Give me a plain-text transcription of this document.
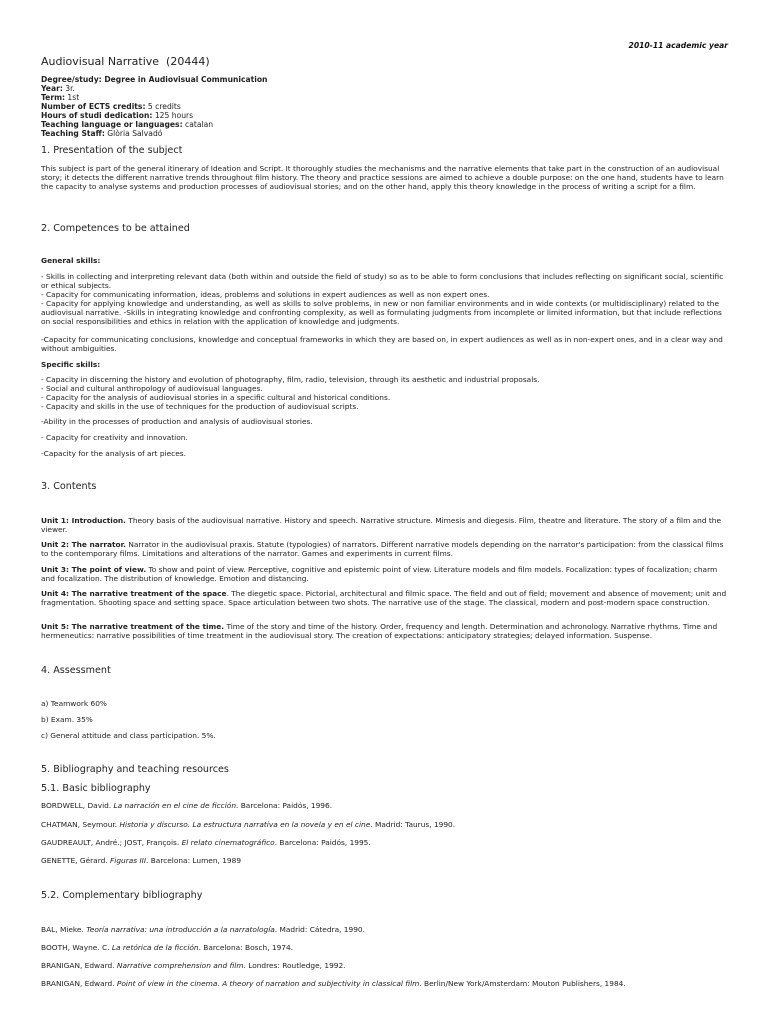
2010-11 academic year
Audiovisual Narrative  (20444)
Degree/study: Degree in Audiovisual Communication
Year: 3r.
Term: 1st
Number of ECTS credits: 5 credits
Hours of studi dedication: 125 hours
Teaching language or languages: catalan
Teaching Staff: Glòria Salvadó
1. Presentation of the subject

This subject is part of the general itinerary of Ideation and Script. It thoroughly studies the mechanisms and the narrative elements that take part in the construction of an audiovisual story; it detects the different narrative trends throughout film history. The theory and practice sessions are aimed to achieve a double purpose: on the one hand, students have to learn the capacity to analyse systems and production processes of audiovisual stories; and on the other hand, apply this theory knowledge in the process of writing a script for a film.

2. Competences to be attained

General skills:

- Skills in collecting and interpreting relevant data (both within and outside the field of study) so as to be able to form conclusions that includes reflecting on significant social, scientific or ethical subjects.

- Capacity for communicating information, ideas, problems and solutions in expert audiences as well as non expert ones.

- Capacity for applying knowledge and understanding, as well as skills to solve problems, in new or non familiar environments and in wide contexts (or multidisciplinary) related to the audiovisual narrative. -Skills in integrating knowledge and confronting complexity, as well as formulating judgments from incomplete or limited information, but that include reflections on social responsibilities and ethics in relation with the application of knowledge and judgments.

-Capacity for communicating conclusions, knowledge and conceptual frameworks in which they are based on, in expert audiences as well as in non-expert ones, and in a clear way and without ambiguities.

Specific skills:

- Capacity in discerning the history and evolution of photography, film, radio, television, through its aesthetic and industrial proposals.

- Social and cultural anthropology of audiovisual languages.

- Capacity for the analysis of audiovisual stories in a specific cultural and historical conditions.

- Capacity and skills in the use of techniques for the production of audiovisual scripts.

-Ability in the processes of production and analysis of audiovisual stories.

- Capacity for creativity and innovation.

-Capacity for the analysis of art pieces.

3. Contents

Unit 1: Introduction. Theory basis of the audiovisual narrative. History and speech. Narrative structure. Mimesis and diegesis. Film, theatre and literature. The story of a film and the viewer.

Unit 2: The narrator. Narrator in the audiovisual praxis. Statute (typologies) of narrators. Different narrative models depending on the narrator's participation: from the classical films to the contemporary films. Limitations and alterations of the narrator. Games and experiments in current films.

Unit 3: The point of view. To show and point of view. Perceptive, cognitive and epistemic point of view. Literature models and film models. Focalization: types of focalization; charm and focalization. The distribution of knowledge. Emotion and distancing.

Unit 4: The narrative treatment of the space. The diegetic space. Pictorial, architectural and filmic space. The field and out of field; movement and absence of movement; unit and fragmentation. Shooting space and setting space. Space articulation between two shots. The narrative use of the stage. The classical, modern and post-modern space construction.

Unit 5: The narrative treatment of the time. Time of the story and time of the history. Order, frequency and length. Determination and achronology. Narrative rhythms. Time and hermeneutics: narrative possibilities of time treatment in the audiovisual story. The creation of expectations: anticipatory strategies; delayed information. Suspense.

4. Assessment

a) Teamwork 60%

b) Exam. 35%

c) General attitude and class participation. 5%.

5. Bibliography and teaching resources
5.1. Basic bibliography

BORDWELL, David. La narración en el cine de ficción. Barcelona: Paidós, 1996.

CHATMAN, Seymour. Historia y discurso. La estructura narrativa en la novela y en el cine. Madrid: Taurus, 1990.

GAUDREAULT, André.; JOST, François. El relato cinematográfico. Barcelona: Paidós, 1995.

GENETTE, Gérard. Figuras III. Barcelona: Lumen, 1989

5.2. Complementary bibliography

BAL, Mieke. Teoría narrativa: una introducción a la narratología. Madrid: Cátedra, 1990.

BOOTH, Wayne. C. La retórica de la ficción. Barcelona: Bosch, 1974.

BRANIGAN, Edward. Narrative comprehension and film. Londres: Routledge, 1992.

BRANIGAN, Edward. Point of view in the cinema. A theory of narration and subjectivity in classical film. Berlin/New York/Amsterdam: Mouton Publishers, 1984.
